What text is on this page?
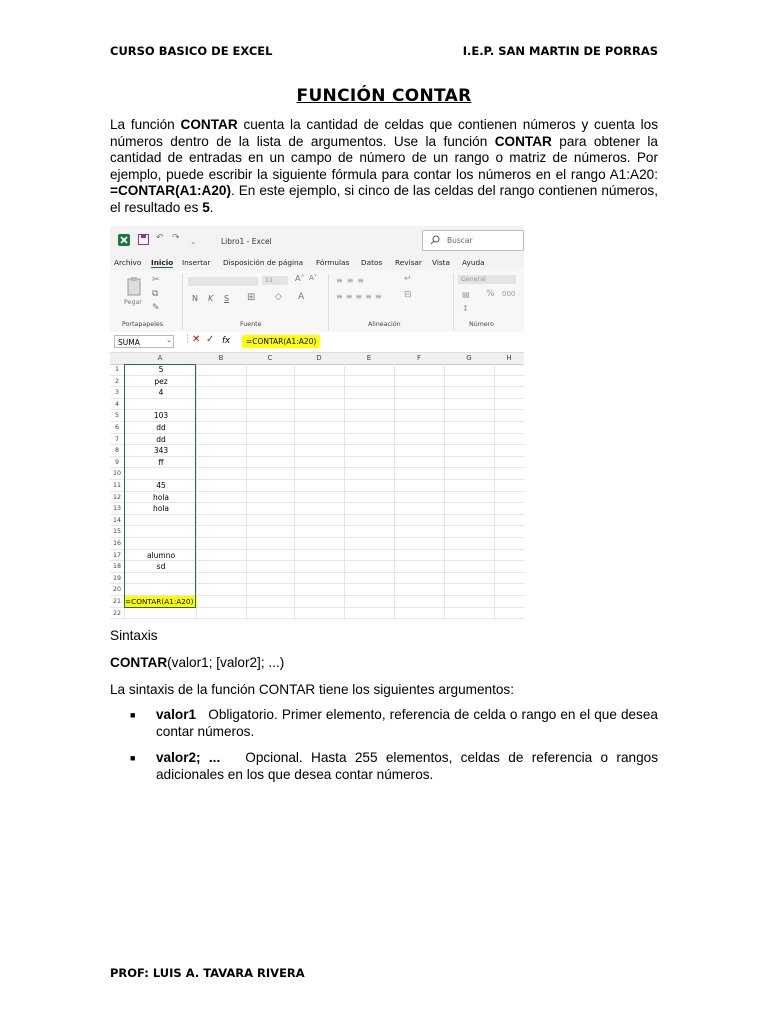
CURSO BASICO DE EXCEL	I.E.P. SAN MARTIN DE PORRAS
FUNCIÓN CONTAR
La función CONTAR cuenta la cantidad de celdas que contienen números y cuenta los números dentro de la lista de argumentos. Use la función CONTAR para obtener la cantidad de entradas en un campo de número de un rango o matriz de números. Por ejemplo, puede escribir la siguiente fórmula para contar los números en el rango A1:A20: =CONTAR(A1:A20). En este ejemplo, si cinco de las celdas del rango contienen números, el resultado es 5.
↶ ↷ ⌄	Libro1 - Excel	Buscar
Archivo Inicio Insertar Disposición de página Fórmulas Datos Revisar Vista Ayuda
Pegar
✂
⧉
✎
11	A˄ A˅
N K S ⊞ ◇ A
≡≡≡
≡≡≡≡≡
↵
⊟
General
▤ % 000
↕
Portapapeles	Fuente	Alineación	Número
SUMA	⌄ ⋮ ✕ ✓ fx	=CONTAR(A1:A20)
A	B	C	D	E	F	G	H
1	5
2	pez
3	4
4
5	103
6	dd
7	dd
8	343
9	ff
10
11	45
12	hola
13	hola
14
15
16
17	alumno
18	sd
19
20
21 =CONTAR(A1:A20)
22
Sintaxis
CONTAR(valor1; [valor2]; ...)
La sintaxis de la función CONTAR tiene los siguientes argumentos:
■ valor1 Obligatorio. Primer elemento, referencia de celda o rango en el que desea contar números.
■ valor2; ... Opcional. Hasta 255 elementos, celdas de referencia o rangos adicionales en los que desea contar números.
PROF: LUIS A. TAVARA RIVERA
